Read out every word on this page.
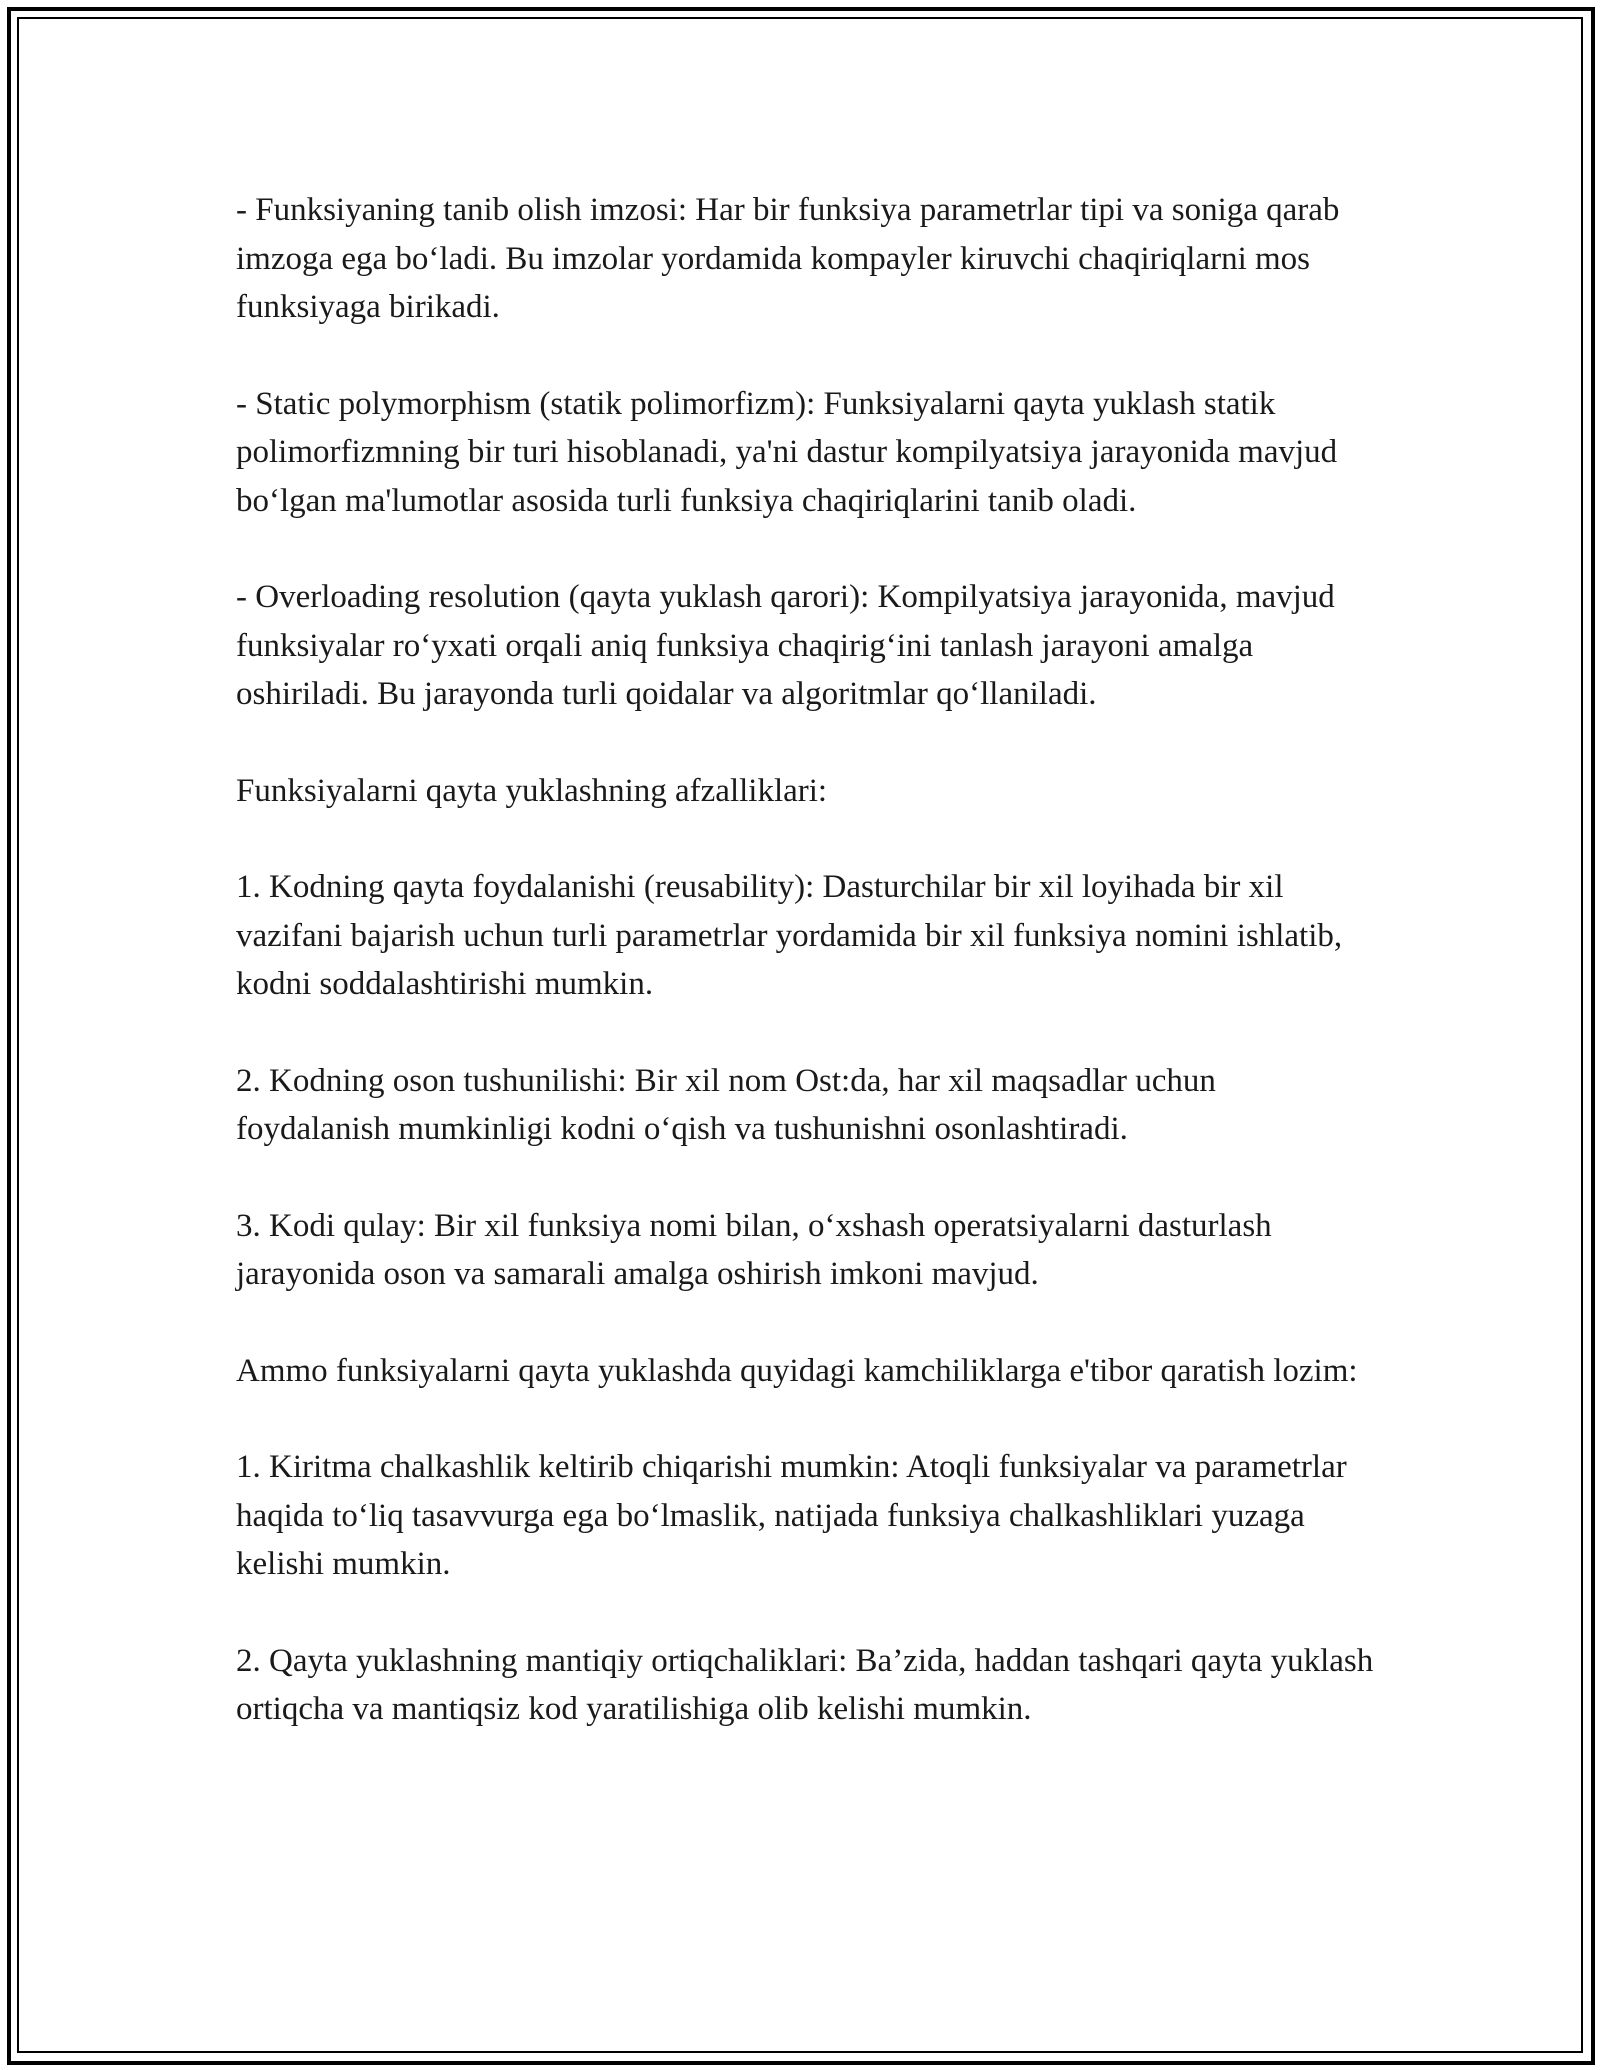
- Funksiyaning tanib olish imzosi: Har bir funksiya parametrlar tipi va soniga qarab imzoga ega bo‘ladi. Bu imzolar yordamida kompayler kiruvchi chaqiriqlarni mos funksiyaga birikadi.

- Static polymorphism (statik polimorfizm): Funksiyalarni qayta yuklash statik polimorfizmning bir turi hisoblanadi, ya'ni dastur kompilyatsiya jarayonida mavjud bo‘lgan ma'lumotlar asosida turli funksiya chaqiriqlarini tanib oladi.

- Overloading resolution (qayta yuklash qarori): Kompilyatsiya jarayonida, mavjud funksiyalar ro‘yxati orqali aniq funksiya chaqirig‘ini tanlash jarayoni amalga oshiriladi. Bu jarayonda turli qoidalar va algoritmlar qo‘llaniladi.

Funksiyalarni qayta yuklashning afzalliklari:

1. Kodning qayta foydalanishi (reusability): Dasturchilar bir xil loyihada bir xil vazifani bajarish uchun turli parametrlar yordamida bir xil funksiya nomini ishlatib, kodni soddalashtirishi mumkin.

2. Kodning oson tushunilishi: Bir xil nom Ost:da, har xil maqsadlar uchun foydalanish mumkinligi kodni o‘qish va tushunishni osonlashtiradi.

3. Kodi qulay: Bir xil funksiya nomi bilan, o‘xshash operatsiyalarni dasturlash jarayonida oson va samarali amalga oshirish imkoni mavjud.

Ammo funksiyalarni qayta yuklashda quyidagi kamchiliklarga e'tibor qaratish lozim:

1. Kiritma chalkashlik keltirib chiqarishi mumkin: Atoqli funksiyalar va parametrlar haqida to‘liq tasavvurga ega bo‘lmaslik, natijada funksiya chalkashliklari yuzaga kelishi mumkin.

2. Qayta yuklashning mantiqiy ortiqchaliklari: Ba’zida, haddan tashqari qayta yuklash ortiqcha va mantiqsiz kod yaratilishiga olib kelishi mumkin.
